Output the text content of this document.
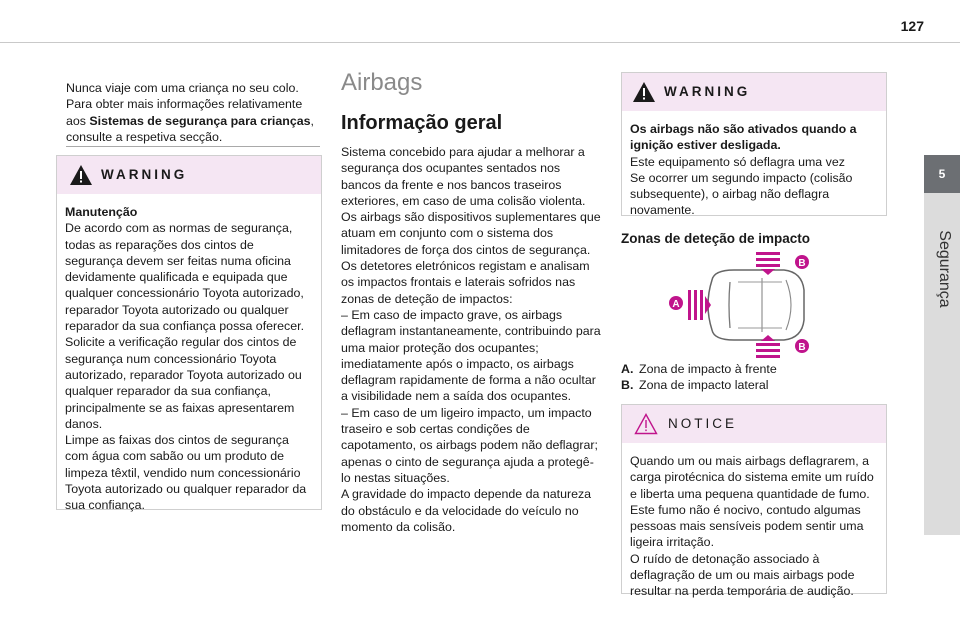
127
5
Segurança

Nunca viaje com uma criança no seu colo. Para obter mais informações relativamente aos Sistemas de segurança para crianças, consulte a respetiva secção.

WARNING

Manutenção

De acordo com as normas de segurança, todas as reparações dos cintos de segurança devem ser feitas numa oficina devidamente qualificada e equipada que qualquer concessionário Toyota autorizado, reparador Toyota autorizado ou qualquer reparador da sua confiança possa oferecer.

Solicite a verificação regular dos cintos de segurança num concessionário Toyota autorizado, reparador Toyota autorizado ou qualquer reparador da sua confiança, principalmente se as faixas apresentarem danos.

Limpe as faixas dos cintos de segurança com água com sabão ou um produto de limpeza têxtil, vendido num concessionário Toyota autorizado ou qualquer reparador da sua confiança.

Airbags
Informação geral

Sistema concebido para ajudar a melhorar a segurança dos ocupantes sentados nos bancos da frente e nos bancos traseiros exteriores, em caso de uma colisão violenta. Os airbags são dispositivos suplementares que atuam em conjunto com o sistema dos limitadores de força dos cintos de segurança.

Os detetores eletrónicos registam e analisam os impactos frontais e laterais sofridos nas zonas de deteção de impactos:

– Em caso de impacto grave, os airbags deflagram instantaneamente, contribuindo para uma maior proteção dos ocupantes; imediatamente após o impacto, os airbags deflagram rapidamente de forma a não ocultar a visibilidade nem a saída dos ocupantes.

– Em caso de um ligeiro impacto, um impacto traseiro e sob certas condições de capotamento, os airbags podem não deflagrar; apenas o cinto de segurança ajuda a protegê-lo nestas situações.

A gravidade do impacto depende da natureza do obstáculo e da velocidade do veículo no momento da colisão.

WARNING

Os airbags não são ativados quando a ignição estiver desligada.

Este equipamento só deflagra uma vez

Se ocorrer um segundo impacto (colisão subsequente), o airbag não deflagra novamente.

Zonas de deteção de impacto
A
B
B
A. Zona de impacto à frente
B. Zona de impacto lateral
NOTICE

Quando um ou mais airbags deflagrarem, a carga pirotécnica do sistema emite um ruído e liberta uma pequena quantidade de fumo.

Este fumo não é nocivo, contudo algumas pessoas mais sensíveis podem sentir uma ligeira irritação.

O ruído de detonação associado à deflagração de um ou mais airbags pode resultar na perda temporária de audição.
